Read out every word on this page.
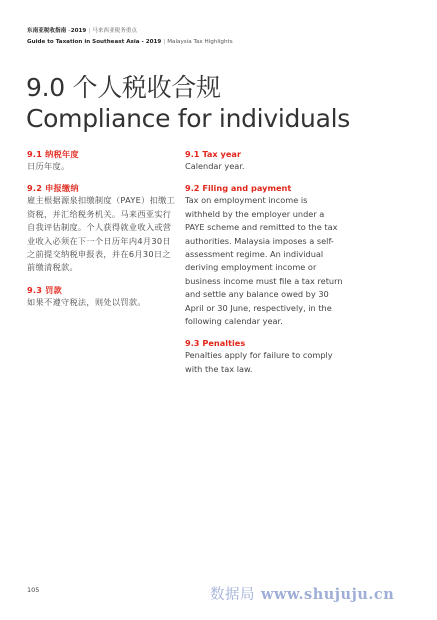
东南亚税收指南 –2019 | 马来西亚税务重点
Guide to Taxation in Southeast Asia - 2019 | Malaysia Tax Highlights
9.0 个人税收合规
Compliance for individuals

9.1 纳税年度

日历年度。

9.2 申报缴纳

雇主根据源泉扣缴制度（PAYE）扣缴工资税，并汇给税务机关。马来西亚实行自我评估制度。个人获得就业收入或营业收入必须在下一个日历年内4月30日之前提交纳税申报表，并在6月30日之前缴清税款。

9.3 罚款

如果不遵守税法，则处以罚款。

9.1 Tax year

Calendar year.

9.2 Filing and payment

Tax on employment income is withheld by the employer under a PAYE scheme and remitted to the tax authorities. Malaysia imposes a self- assessment regime. An individual deriving employment income or business income must file a tax return and settle any balance owed by 30 April or 30 June, respectively, in the following calendar year.

9.3 Penalties

Penalties apply for failure to comply with the tax law.

105	数据局 www.shujuju.cn
